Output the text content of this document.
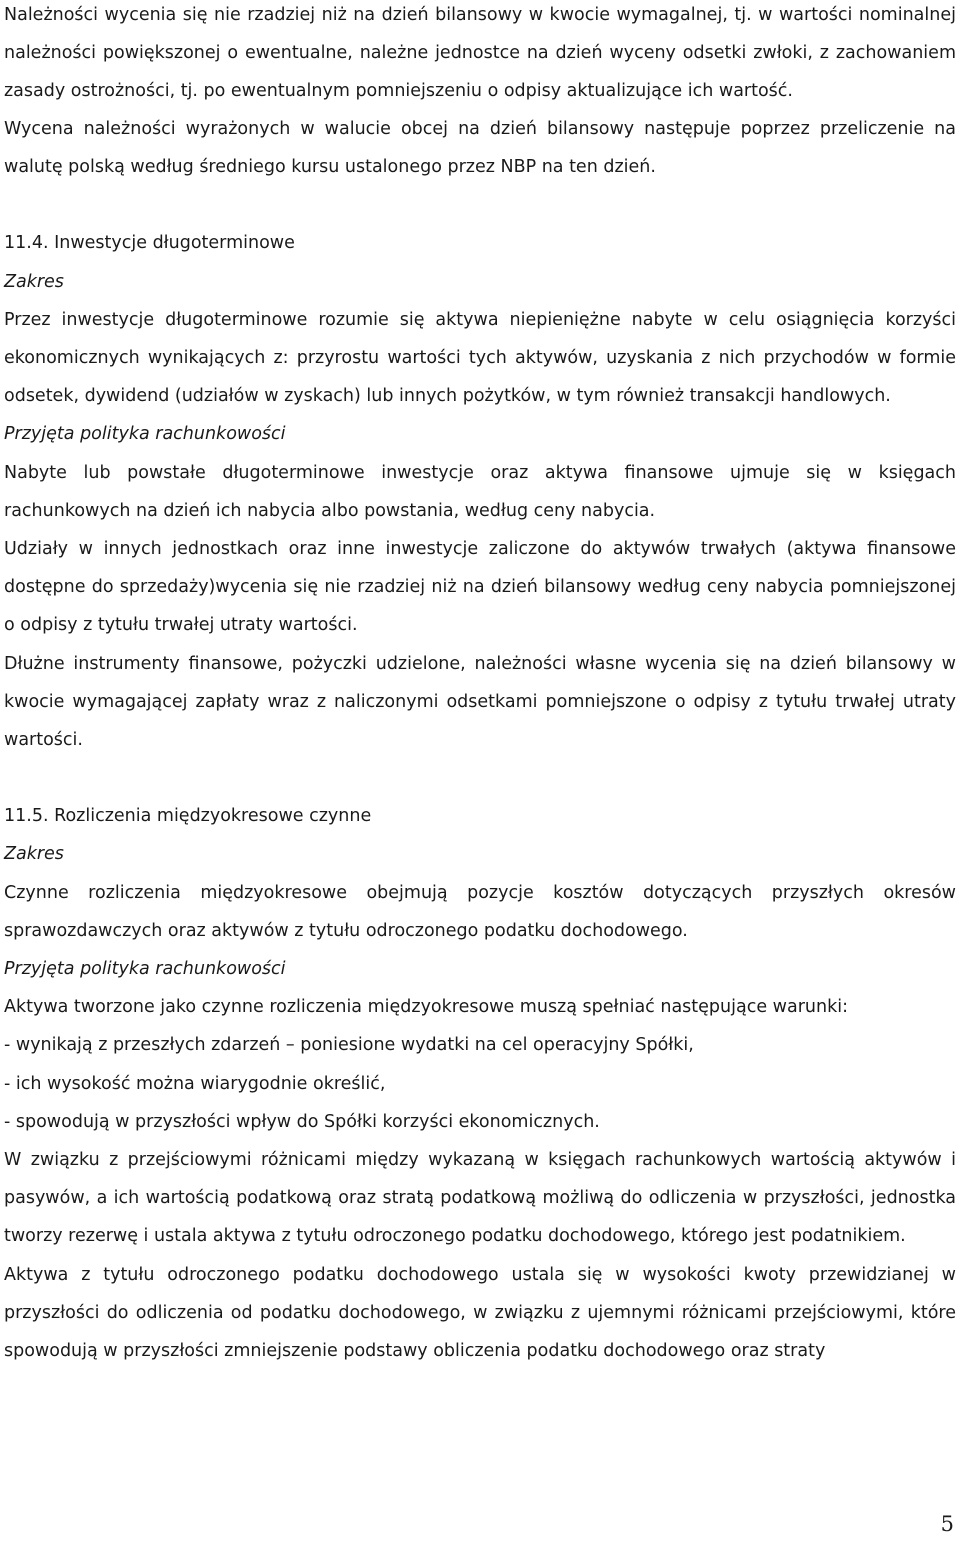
Należności wycenia się nie rzadziej niż na dzień bilansowy w kwocie wymagalnej, tj. w wartości nominalnej należności powiększonej o ewentualne, należne jednostce na dzień wyceny odsetki zwłoki, z zachowaniem zasady ostrożności, tj. po ewentualnym pomniejszeniu o odpisy aktualizujące ich wartość.

Wycena należności wyrażonych w walucie obcej na dzień bilansowy następuje poprzez przeliczenie na walutę polską według średniego kursu ustalonego przez NBP na ten dzień.

11.4. Inwestycje długoterminowe

Zakres

Przez inwestycje długoterminowe rozumie się aktywa niepieniężne nabyte w celu osiągnięcia korzyści ekonomicznych wynikających z: przyrostu wartości tych aktywów, uzyskania z nich przychodów w formie odsetek, dywidend (udziałów w zyskach) lub innych pożytków, w tym również transakcji handlowych.

Przyjęta polityka rachunkowości

Nabyte lub powstałe długoterminowe inwestycje oraz aktywa finansowe ujmuje się w księgach rachunkowych na dzień ich nabycia albo powstania, według ceny nabycia.

Udziały w innych jednostkach oraz inne inwestycje zaliczone do aktywów trwałych (aktywa finansowe dostępne do sprzedaży)wycenia się nie rzadziej niż na dzień bilansowy według ceny nabycia pomniejszonej o odpisy z tytułu trwałej utraty wartości.

Dłużne instrumenty finansowe, pożyczki udzielone, należności własne wycenia się na dzień bilansowy w kwocie wymagającej zapłaty wraz z naliczonymi odsetkami pomniejszone o odpisy z tytułu trwałej utraty wartości.

11.5. Rozliczenia międzyokresowe czynne

Zakres

Czynne rozliczenia międzyokresowe obejmują pozycje kosztów dotyczących przyszłych okresów sprawozdawczych oraz aktywów z tytułu odroczonego podatku dochodowego.

Przyjęta polityka rachunkowości

Aktywa tworzone jako czynne rozliczenia międzyokresowe muszą spełniać następujące warunki:

- wynikają z przeszłych zdarzeń – poniesione wydatki na cel operacyjny Spółki,

- ich wysokość można wiarygodnie określić,

- spowodują w przyszłości wpływ do Spółki korzyści ekonomicznych.

W związku z przejściowymi różnicami między wykazaną w księgach rachunkowych wartością aktywów i pasywów, a ich wartością podatkową oraz stratą podatkową możliwą do odliczenia w przyszłości, jednostka tworzy rezerwę i ustala aktywa z tytułu odroczonego podatku dochodowego, którego jest podatnikiem.

Aktywa z tytułu odroczonego podatku dochodowego ustala się w wysokości kwoty przewidzianej w przyszłości do odliczenia od podatku dochodowego, w związku z ujemnymi różnicami przejściowymi, które spowodują w przyszłości zmniejszenie podstawy obliczenia podatku dochodowego oraz straty

5
